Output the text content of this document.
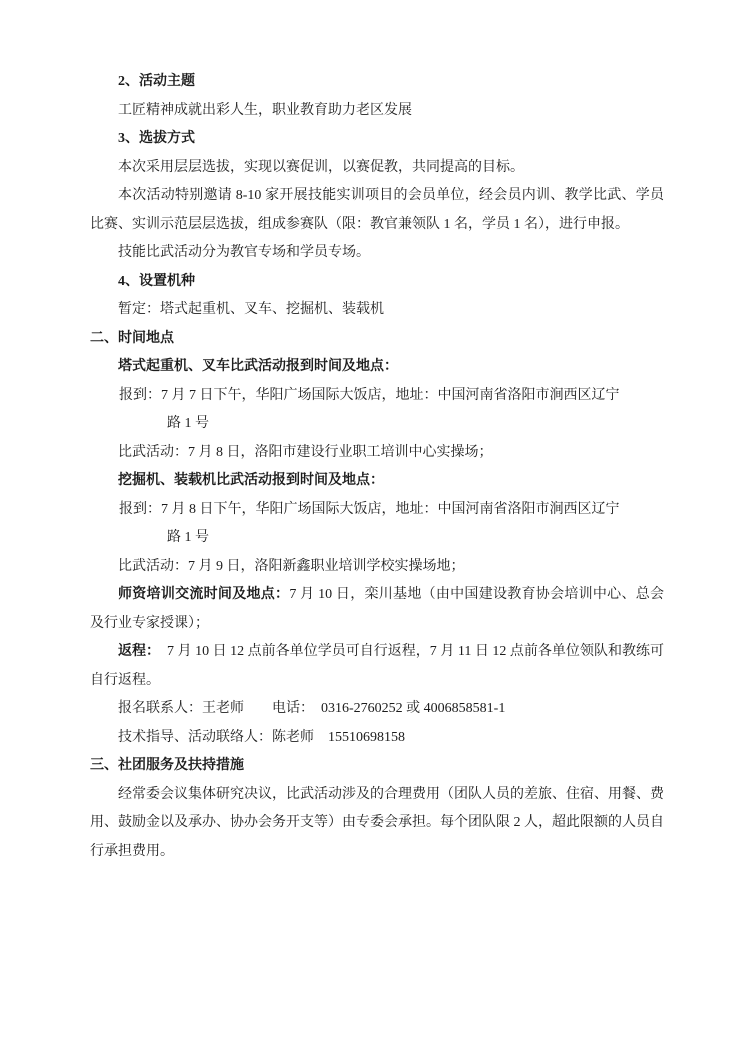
2、活动主题

工匠精神成就出彩人生，职业教育助力老区发展

3、选拔方式

本次采用层层选拔，实现以赛促训，以赛促教，共同提高的目标。

本次活动特别邀请 8-10 家开展技能实训项目的会员单位，经会员内训、教学比武、学员比赛、实训示范层层选拔，组成参赛队（限：教官兼领队 1 名，学员 1 名），进行申报。

技能比武活动分为教官专场和学员专场。

4、设置机种

暂定：塔式起重机、叉车、挖掘机、装载机

二、时间地点

塔式起重机、叉车比武活动报到时间及地点：

报到：7 月 7 日下午，华阳广场国际大饭店，地址：中国河南省洛阳市涧西区辽宁
路 1 号

比武活动：7 月 8 日，洛阳市建设行业职工培训中心实操场；

挖掘机、装载机比武活动报到时间及地点：

报到：7 月 8 日下午，华阳广场国际大饭店，地址：中国河南省洛阳市涧西区辽宁
路 1 号

比武活动：7 月 9 日，洛阳新鑫职业培训学校实操场地；

师资培训交流时间及地点：7 月 10 日，栾川基地（由中国建设教育协会培训中心、总会及行业专家授课）；

返程：　7 月 10 日 12 点前各单位学员可自行返程，7 月 11 日 12 点前各单位领队和教练可自行返程。

报名联系人：王老师　　电话：　0316-2760252 或 4006858581-1

技术指导、活动联络人：陈老师　15510698158

三、社团服务及扶持措施

经常委会议集体研究决议，比武活动涉及的合理费用（团队人员的差旅、住宿、用餐、费用、鼓励金以及承办、协办会务开支等）由专委会承担。每个团队限 2 人，超此限额的人员自行承担费用。
